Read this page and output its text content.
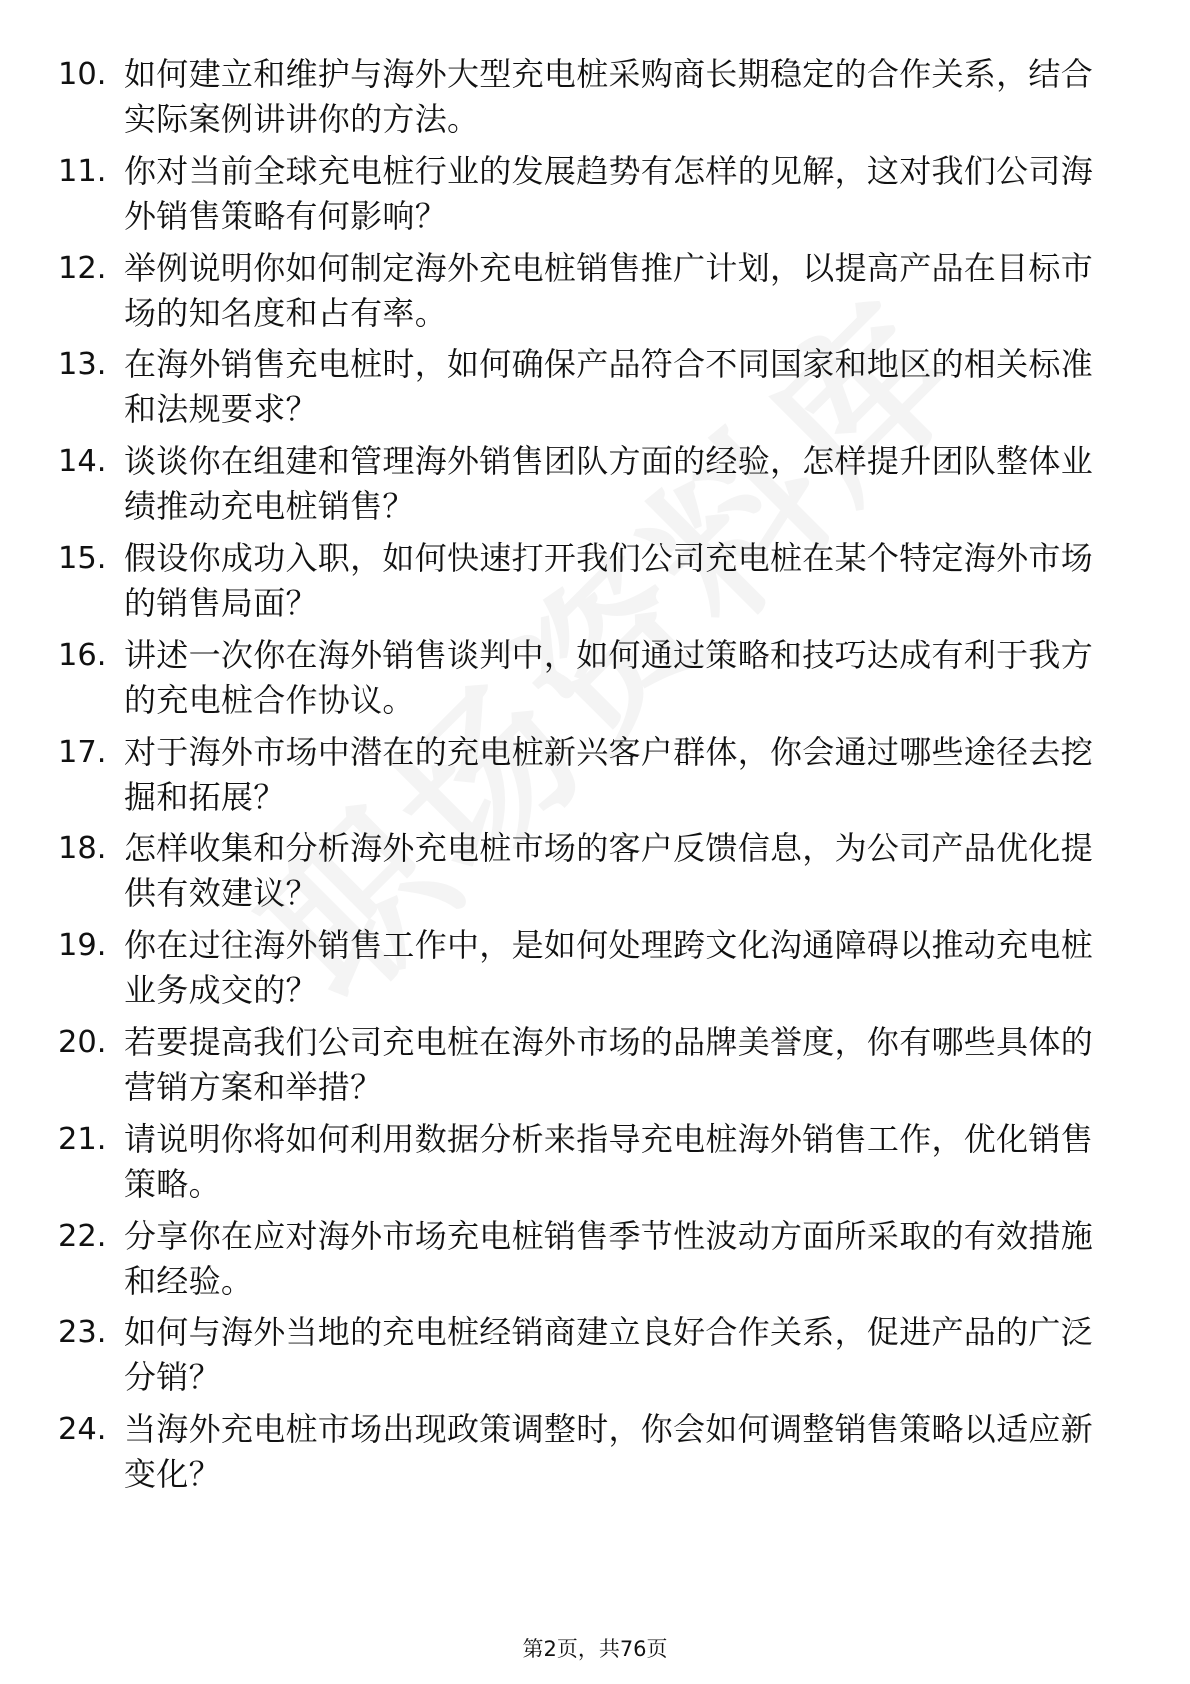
10. 如何建立和维护与海外大型充电桩采购商长期稳定的合作关系，结合实际案例讲讲你的方法。
11. 你对当前全球充电桩行业的发展趋势有怎样的见解，这对我们公司海外销售策略有何影响？
12. 举例说明你如何制定海外充电桩销售推广计划，以提高产品在目标市场的知名度和占有率。
13. 在海外销售充电桩时，如何确保产品符合不同国家和地区的相关标准和法规要求？
14. 谈谈你在组建和管理海外销售团队方面的经验，怎样提升团队整体业绩推动充电桩销售？
15. 假设你成功入职，如何快速打开我们公司充电桩在某个特定海外市场的销售局面？
16. 讲述一次你在海外销售谈判中，如何通过策略和技巧达成有利于我方的充电桩合作协议。
17. 对于海外市场中潜在的充电桩新兴客户群体，你会通过哪些途径去挖掘和拓展？
18. 怎样收集和分析海外充电桩市场的客户反馈信息，为公司产品优化提供有效建议？
19. 你在过往海外销售工作中，是如何处理跨文化沟通障碍以推动充电桩业务成交的？
20. 若要提高我们公司充电桩在海外市场的品牌美誉度，你有哪些具体的营销方案和举措？
21. 请说明你将如何利用数据分析来指导充电桩海外销售工作，优化销售策略。
22. 分享你在应对海外市场充电桩销售季节性波动方面所采取的有效措施和经验。
23. 如何与海外当地的充电桩经销商建立良好合作关系，促进产品的广泛分销？
24. 当海外充电桩市场出现政策调整时，你会如何调整销售策略以适应新变化？
第2页，共76页
